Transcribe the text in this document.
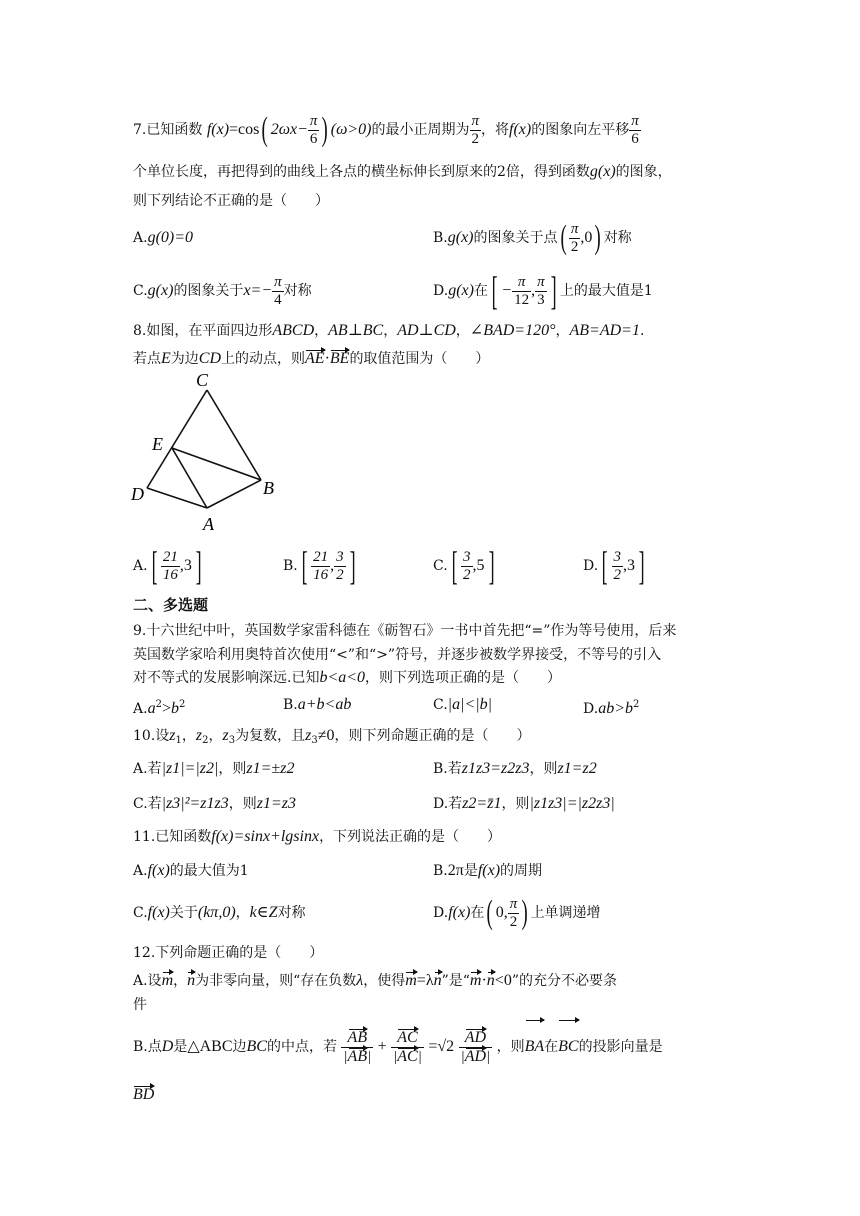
7.已知函数 f(x)=cos( $2\omega x- \frac{\pi}{6}$ ) (ω>0)的最小正周期为 $\frac{\pi}{2}$ ，将f(x)的图象向左平移 $\frac{\pi}{6}$
个单位长度，再把得到的曲线上各点的横坐标伸长到原来的2倍，得到函数g(x)的图象，
则下列结论不正确的是（　　）
A.g(0)=0	B.g(x)的图象关于点( $\frac{\pi}{2} ,0$) 对称
C.g(x)的图象关于$x=- \frac{\pi}{4}$ 对称	D.g(x)在[ − $\frac{\pi}{12}$ , $\frac{\pi}{3}$ ] 上的最大值是1
8.如图，在平面四边形ABCD，AB⊥BC，AD⊥CD，∠BAD=120°，AB=AD=1.
若点E为边CD上的动点，则AE·BE的取值范围为（　　）
C
E
D	B
A
$A.[ \frac{21}{16} ,3]$	$B.[ \frac{21}{16}$ , $\frac{3}{2}$ ]	$C.[ \frac{3}{2} ,5]$	$D.[ \frac{3}{2} ,3]$
二、多选题
9.十六世纪中叶，英国数学家雷科德在《砺智石》一书中首先把“=”作为等号使用，后来
英国数学家哈利用奥特首次使用“<”和“>”符号，并逐步被数学界接受，不等号的引入
对不等式的发展影响深远.已知b<a<0，则下列选项正确的是（　　）
$A.a^2>b^2$	B.a+b<ab	C.|a|<|b|	$D.ab>b^2$
10.设$z_1$，$z_2$，$z_3$为复数，且$z_3\ne 0$，则下列命题正确的是（　　）
A.若|z1|=|z2|，则z1=±z2	B.若z1z3=z2z3，则z1=z2
C.若|z3|²=z1z3，则z1=z3	D.若z2=z̄1，则|z1z3|=|z2z3|
11.已知函数f(x)=sinx+lgsinx，下列说法正确的是（　　）
A.f(x)的最大值为1	B.2π是f(x)的周期
C.f(x)关于(kπ,0)，k∈Z对称	D.f(x)在( 0, $\frac{\pi}{2}$ ) 上单调递增
12.下列命题正确的是（　　）
A.设m，n为非零向量，则“存在负数λ，使得m=λn”是“m·n<0”的充分不必要条
件
B.点D是△ABC边BC的中点，若 $\frac{AB}{|AB|} + \frac{AC}{|AC|} =√2 \frac{AD}{|AD|}$ ，则BA在BC的投影向量是
BD
